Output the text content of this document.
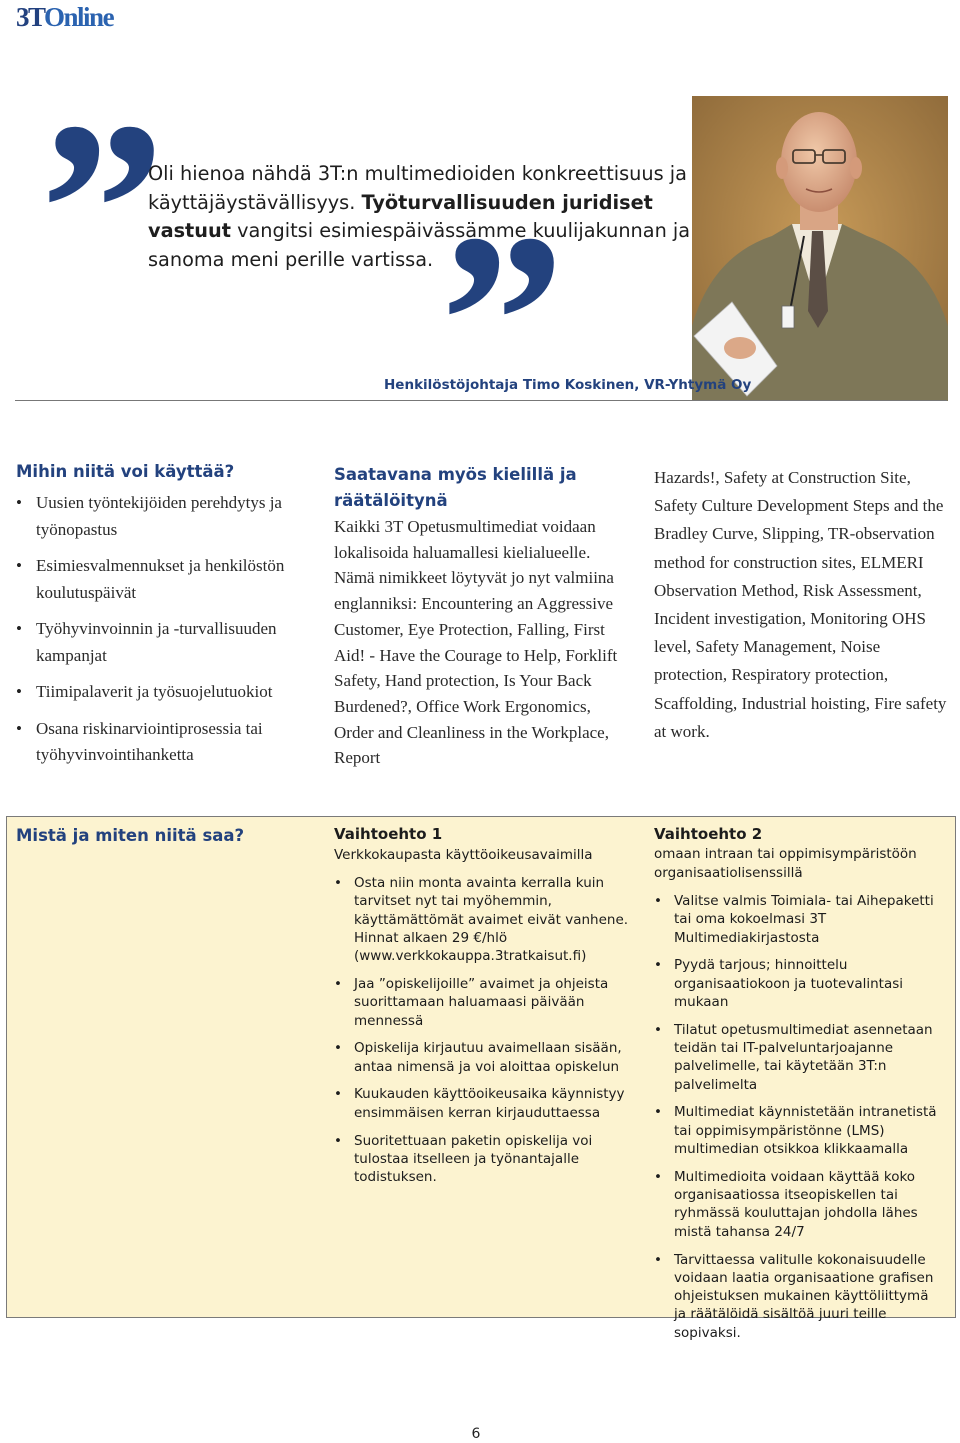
3TOnline
Oli hienoa nähdä 3T:n multimedioiden konkreettisuus ja käyttäjäystävällisyys. Työturvallisuuden juridiset vastuut vangitsi esimiespäivässämme kuulijakunnan ja sanoma meni perille vartissa.
Henkilöstöjohtaja Timo Koskinen, VR-Yhtymä Oy
Mihin niitä voi käyttää?
• Uusien työntekijöiden perehdytys ja työnopastus
• Esimiesvalmennukset ja henkilöstön koulutuspäivät
• Työhyvinvoinnin ja -turvallisuuden kampanjat
• Tiimipalaverit ja työsuojelutuokiot
• Osana riskinarviointiprosessia tai työhyvinvointihanketta
Saatavana myös kielillä ja räätälöitynä
Kaikki 3T Opetusmultimediat voidaan lokalisoida haluamallesi kielialueelle. Nämä nimikkeet löytyvät jo nyt valmiina englanniksi: Encountering an Aggressive Customer, Eye Protection, Falling, First Aid! - Have the Courage to Help, Forklift Safety, Hand protection, Is Your Back Burdened?, Office Work Ergonomics, Order and Cleanliness in the Workplace, Report
Hazards!, Safety at Construction Site, Safety Culture Development Steps and the Bradley Curve, Slipping, TR-observation method for construction sites, ELMERI Observation Method, Risk Assessment, Incident investigation, Monitoring OHS level, Safety Management, Noise protection, Respiratory protection, Scaffolding, Industrial hoisting, Fire safety at work.
Mistä ja miten niitä saa?	Vaihtoehto 1
Verkkokaupasta käyttöoikeusavaimilla
• Osta niin monta avainta kerralla kuin tarvitset nyt tai myöhemmin, käyttämättömät avaimet eivät vanhene. Hinnat alkaen 29 €/hlö (www.verkkokauppa.3tratkaisut.fi)
• Jaa ”opiskelijoille” avaimet ja ohjeista suorittamaan haluamaasi päivään mennessä
• Opiskelija kirjautuu avaimellaan sisään, antaa nimensä ja voi aloittaa opiskelun
• Kuukauden käyttöoikeusaika käynnistyy ensimmäisen kerran kirjauduttaessa
• Suoritettuaan paketin opiskelija voi tulostaa itselleen ja työnantajalle todistuksen.
Vaihtoehto 2
omaan intraan tai oppimisympäristöön organisaatiolisenssillä
• Valitse valmis Toimiala- tai Aihepaketti tai oma kokoelmasi 3T Multimediakirjastosta
• Pyydä tarjous; hinnoittelu organisaatiokoon ja tuotevalintasi mukaan
• Tilatut opetusmultimediat asennetaan teidän tai IT-palveluntarjoajanne palvelimelle, tai käytetään 3T:n palvelimelta
• Multimediat käynnistetään intranetistä tai oppimisympäristönne (LMS) multimedian otsikkoa klikkaamalla
• Multimedioita voidaan käyttää koko organisaatiossa itseopiskellen tai ryhmässä kouluttajan johdolla lähes mistä tahansa 24/7
• Tarvittaessa valitulle kokonaisuudelle voidaan laatia organisaatione grafisen ohjeistuksen mukainen käyttöliittymä ja räätälöidä sisältöä juuri teille sopivaksi.
6
